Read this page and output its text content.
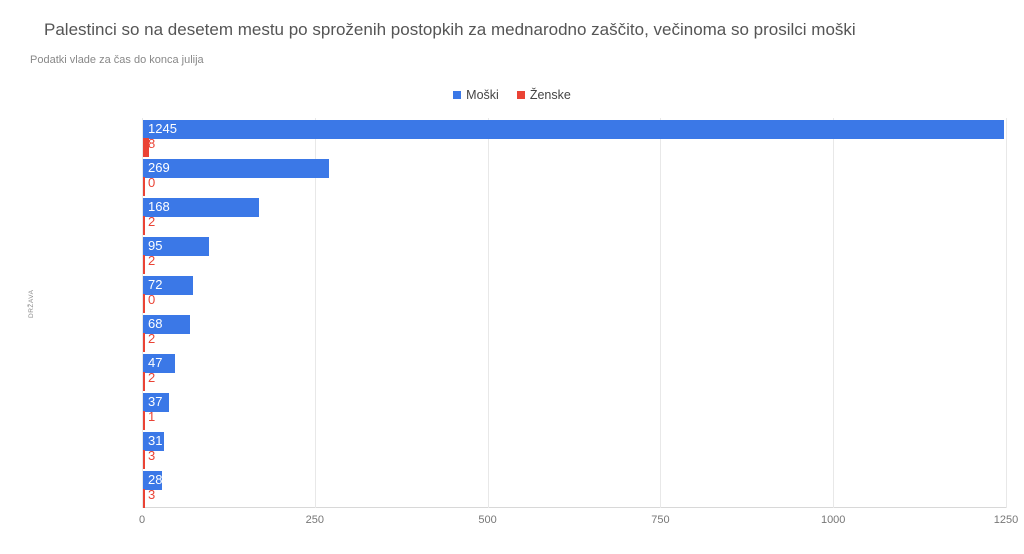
Palestinci so na desetem mestu po sproženih postopkih za mednarodno zaščito, večinoma so prosilci moški
Podatki vlade za čas do konca julija
Moški Ženske
DRŽAVA
0	250	500	750	1000	1250
1245
8
269
0
168
2
95
2
72
0
68
2
47
2
37
1
31
3
28
3
